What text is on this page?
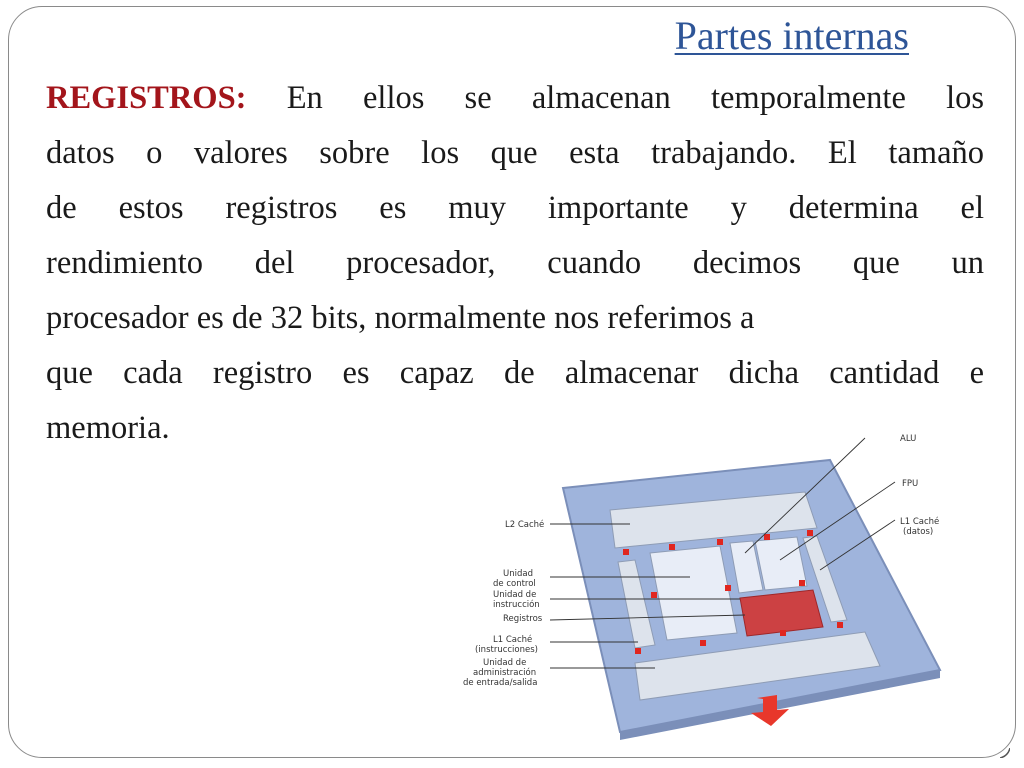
Partes internas
REGISTROS: En ellos se almacenan temporalmente los
datos o valores sobre los que esta trabajando. El tamaño
de estos registros es muy importante y determina el
rendimiento del procesador, cuando decimos que un
procesador es de 32 bits, normalmente nos referimos a
que cada registro es capaz de almacenar dicha cantidad e
memoria.	ALU
FPU
L1 Caché
(datos)
L2 Caché
Unidad
de control
Unidad de
instrucción
Registros
L1 Caché
(instrucciones)
Unidad de
administración
de entrada/salida
